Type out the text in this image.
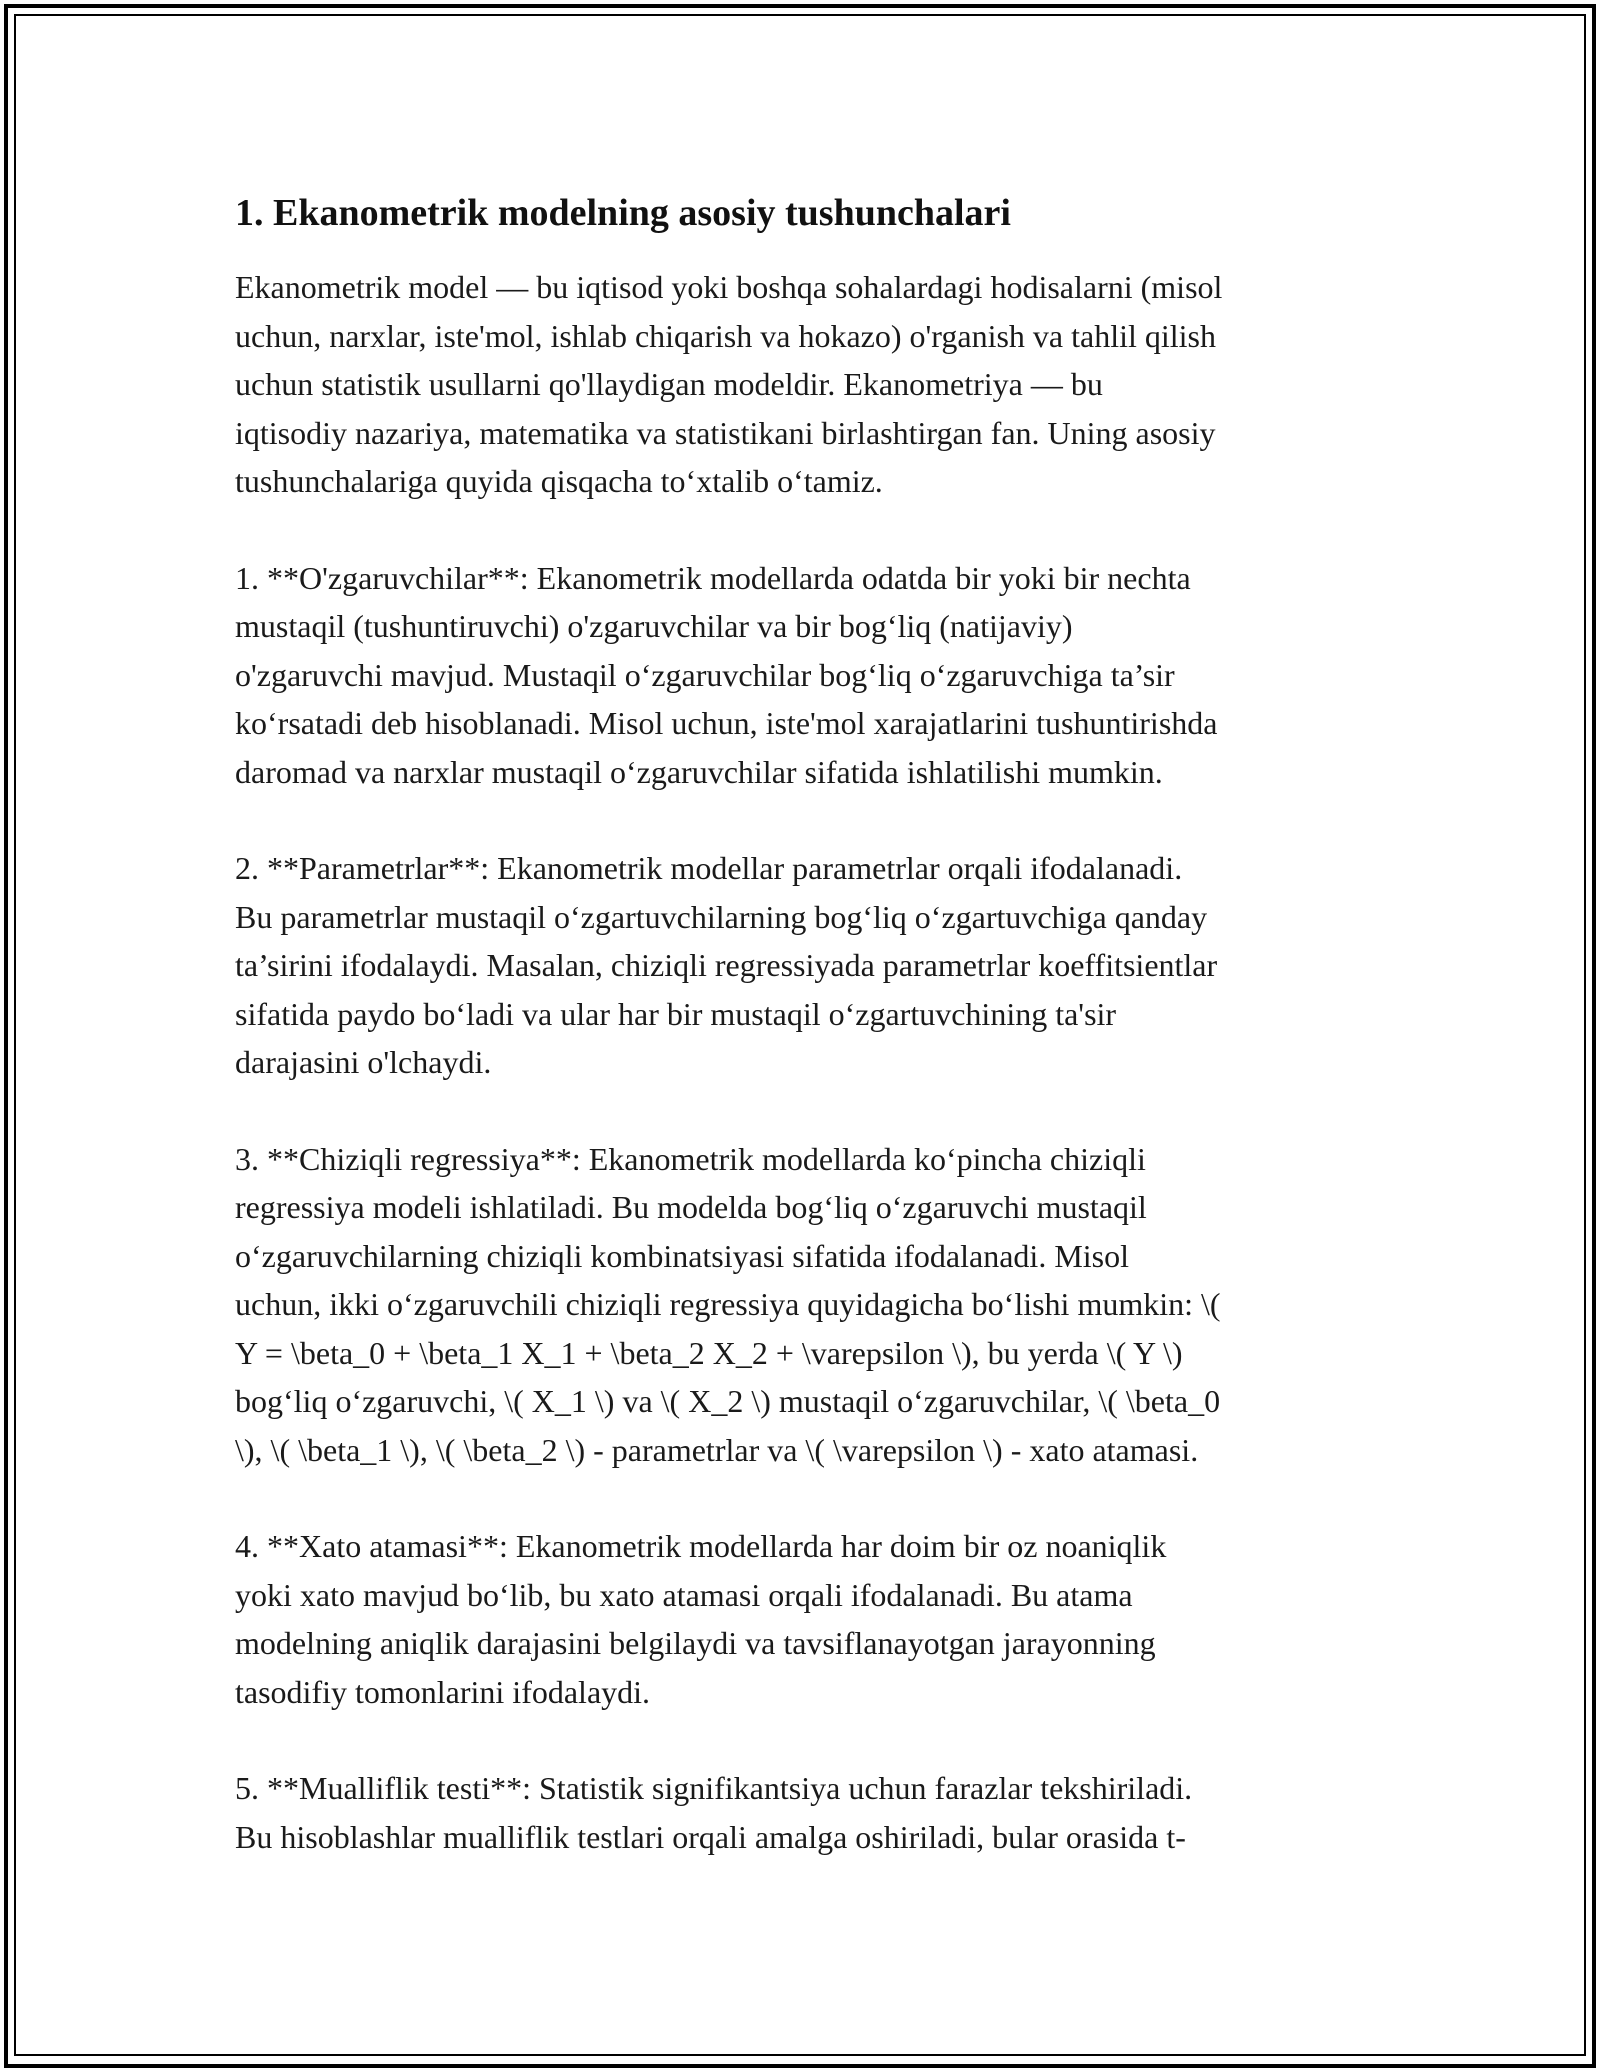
1. Ekanometrik modelning asosiy tushunchalari

Ekanometrik model — bu iqtisod yoki boshqa sohalardagi hodisalarni (misol
uchun, narxlar, iste'mol, ishlab chiqarish va hokazo) o'rganish va tahlil qilish
uchun statistik usullarni qo'llaydigan modeldir. Ekanometriya — bu
iqtisodiy nazariya, matematika va statistikani birlashtirgan fan. Uning asosiy
tushunchalariga quyida qisqacha to‘xtalib o‘tamiz.

1. **O'zgaruvchilar**: Ekanometrik modellarda odatda bir yoki bir nechta
mustaqil (tushuntiruvchi) o'zgaruvchilar va bir bog‘liq (natijaviy)
o'zgaruvchi mavjud. Mustaqil o‘zgaruvchilar bog‘liq o‘zgaruvchiga ta’sir
ko‘rsatadi deb hisoblanadi. Misol uchun, iste'mol xarajatlarini tushuntirishda
daromad va narxlar mustaqil o‘zgaruvchilar sifatida ishlatilishi mumkin.

2. **Parametrlar**: Ekanometrik modellar parametrlar orqali ifodalanadi.
Bu parametrlar mustaqil o‘zgartuvchilarning bog‘liq o‘zgartuvchiga qanday
ta’sirini ifodalaydi. Masalan, chiziqli regressiyada parametrlar koeffitsientlar
sifatida paydo bo‘ladi va ular har bir mustaqil o‘zgartuvchining ta'sir
darajasini o'lchaydi.

3. **Chiziqli regressiya**: Ekanometrik modellarda ko‘pincha chiziqli
regressiya modeli ishlatiladi. Bu modelda bog‘liq o‘zgaruvchi mustaqil
o‘zgaruvchilarning chiziqli kombinatsiyasi sifatida ifodalanadi. Misol
uchun, ikki o‘zgaruvchili chiziqli regressiya quyidagicha bo‘lishi mumkin: \(
Y = \beta_0 + \beta_1 X_1 + \beta_2 X_2 + \varepsilon \), bu yerda \( Y \)
bog‘liq o‘zgaruvchi, \( X_1 \) va \( X_2 \) mustaqil o‘zgaruvchilar, \( \beta_0
\), \( \beta_1 \), \( \beta_2 \) - parametrlar va \( \varepsilon \) - xato atamasi.

4. **Xato atamasi**: Ekanometrik modellarda har doim bir oz noaniqlik
yoki xato mavjud bo‘lib, bu xato atamasi orqali ifodalanadi. Bu atama
modelning aniqlik darajasini belgilaydi va tavsiflanayotgan jarayonning
tasodifiy tomonlarini ifodalaydi.

5. **Mualliflik testi**: Statistik signifikantsiya uchun farazlar tekshiriladi.
Bu hisoblashlar mualliflik testlari orqali amalga oshiriladi, bular orasida t-
